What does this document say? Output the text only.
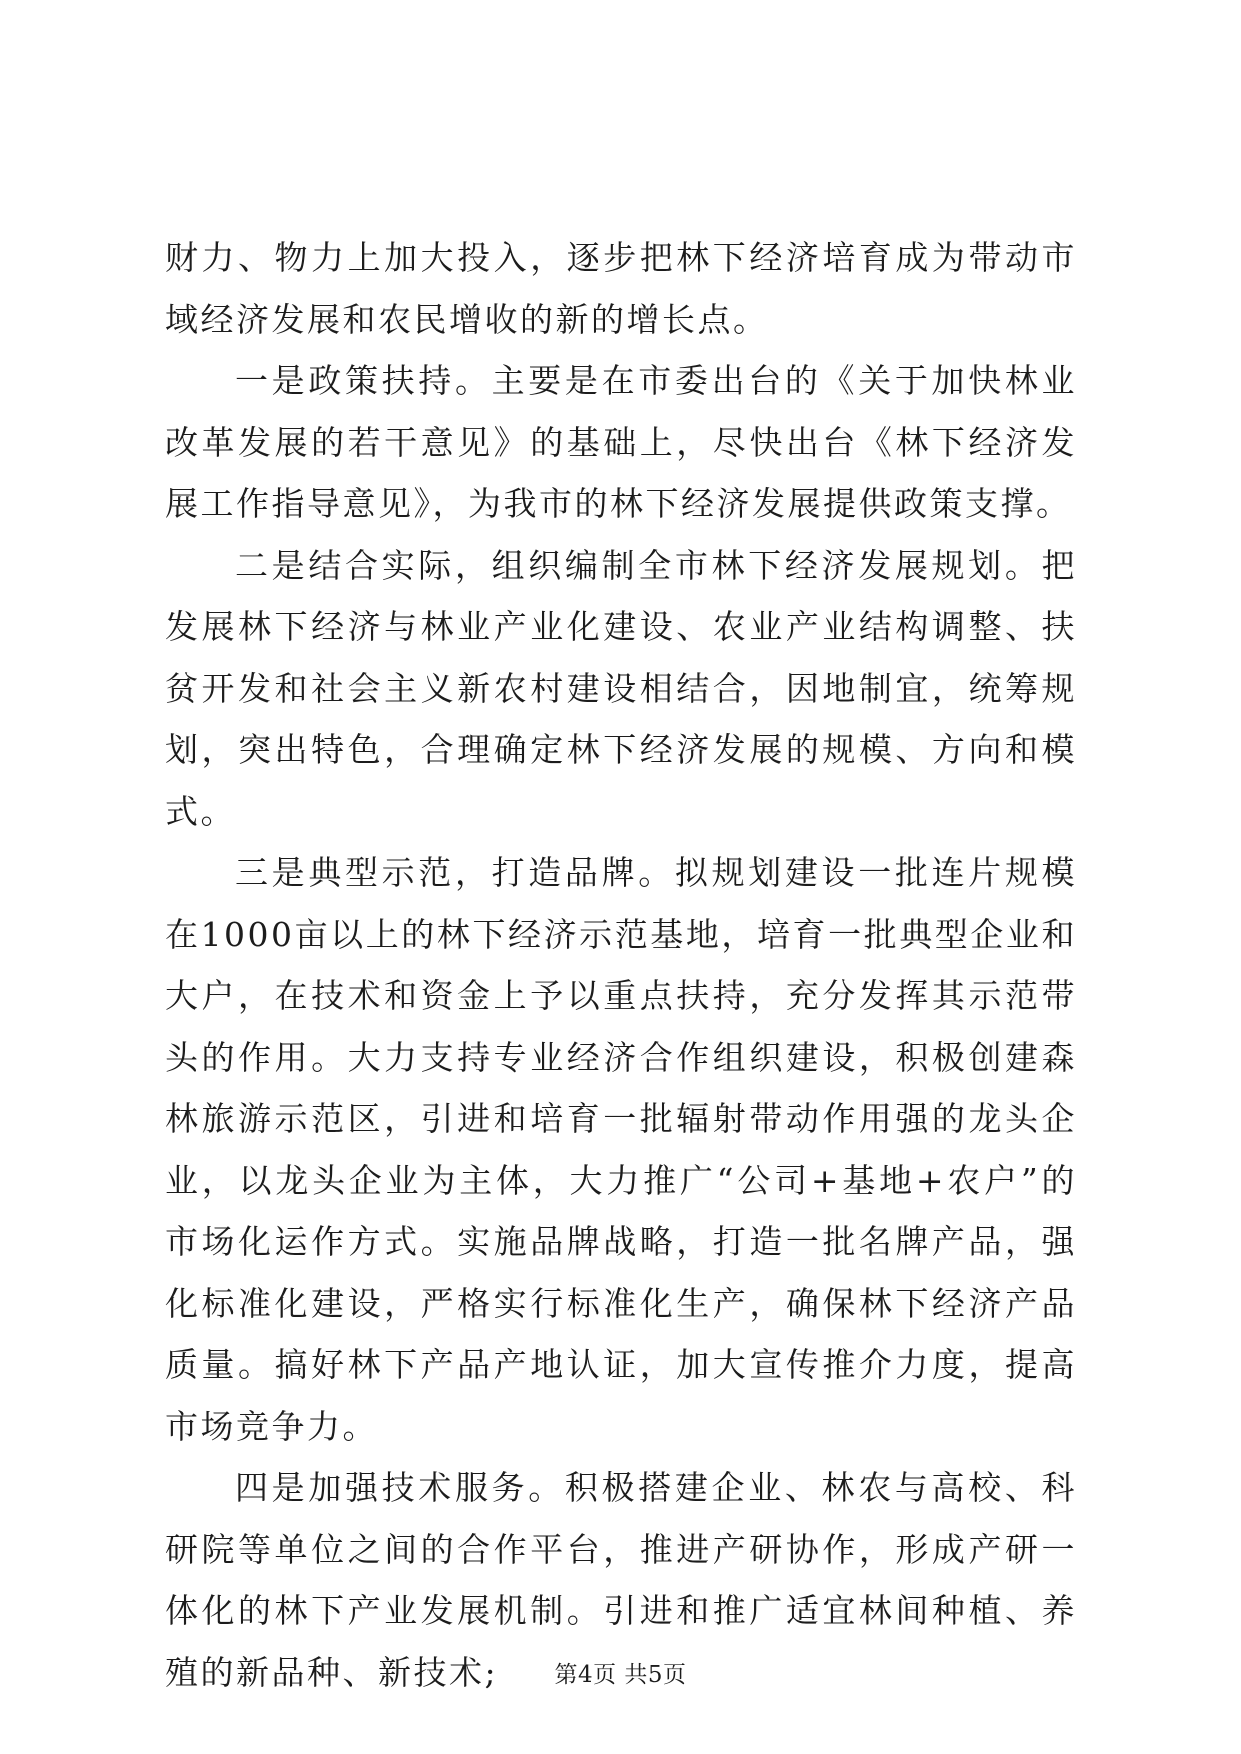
财力、物力上加大投入，逐步把林下经济培育成为带动市域经济发展和农民增收的新的增长点。

一是政策扶持。主要是在市委出台的《关于加快林业改革发展的若干意见》的基础上，尽快出台《林下经济发展工作指导意见》，为我市的林下经济发展提供政策支撑。

二是结合实际，组织编制全市林下经济发展规划。把发展林下经济与林业产业化建设、农业产业结构调整、扶贫开发和社会主义新农村建设相结合，因地制宜，统筹规划，突出特色，合理确定林下经济发展的规模、方向和模式。

三是典型示范，打造品牌。拟规划建设一批连片规模在1000亩以上的林下经济示范基地，培育一批典型企业和大户，在技术和资金上予以重点扶持，充分发挥其示范带头的作用。大力支持专业经济合作组织建设，积极创建森林旅游示范区，引进和培育一批辐射带动作用强的龙头企业，以龙头企业为主体，大力推广“公司+基地+农户”的市场化运作方式。实施品牌战略，打造一批名牌产品，强化标准化建设，严格实行标准化生产，确保林下经济产品质量。搞好林下产品产地认证，加大宣传推介力度，提高市场竞争力。

四是加强技术服务。积极搭建企业、林农与高校、科研院等单位之间的合作平台，推进产研协作，形成产研一体化的林下产业发展机制。引进和推广适宜林间种植、养殖的新品种、新技术;	第4页 共5页
